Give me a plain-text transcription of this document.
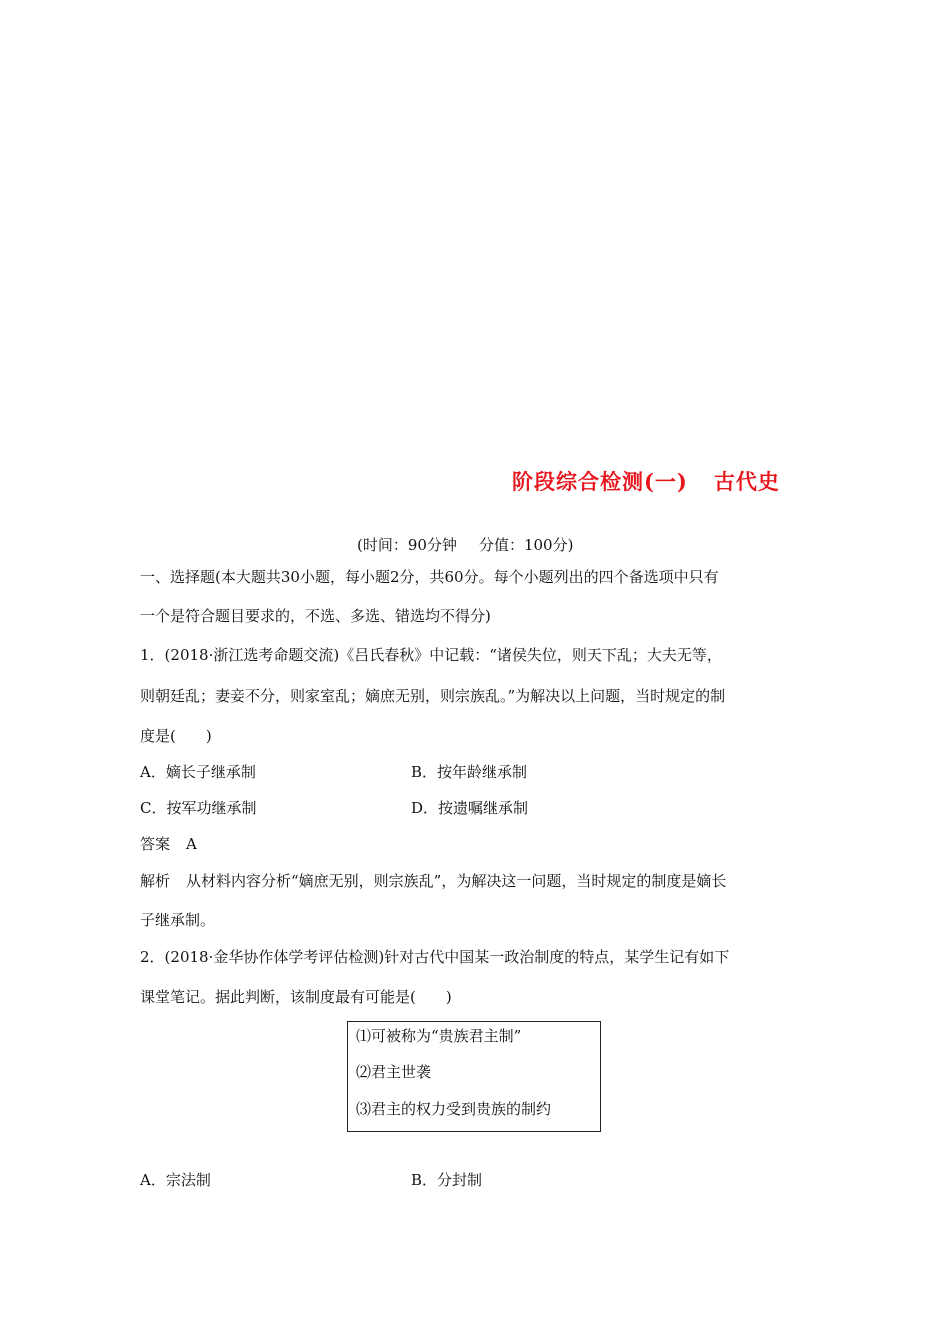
阶段综合检测(一) 古代史
(时间：90分钟 分值：100分)
一、选择题(本大题共30小题，每小题2分，共60分。每个小题列出的四个备选项中只有
一个是符合题目要求的，不选、多选、错选均不得分)
1．(2018·浙江选考命题交流)《吕氏春秋》中记载：“诸侯失位，则天下乱；大夫无等，
则朝廷乱；妻妾不分，则家室乱；嫡庶无别，则宗族乱。”为解决以上问题，当时规定的制
度是(　　)
A．嫡长子继承制	B．按年龄继承制
C．按军功继承制	D．按遗嘱继承制
答案 A
解析 从材料内容分析“嫡庶无别，则宗族乱”，为解决这一问题，当时规定的制度是嫡长
子继承制。
2．(2018·金华协作体学考评估检测)针对古代中国某一政治制度的特点，某学生记有如下
课堂笔记。据此判断，该制度最有可能是(　　)
⑴可被称为“贵族君主制”
⑵君主世袭
⑶君主的权力受到贵族的制约
A．宗法制	B．分封制
